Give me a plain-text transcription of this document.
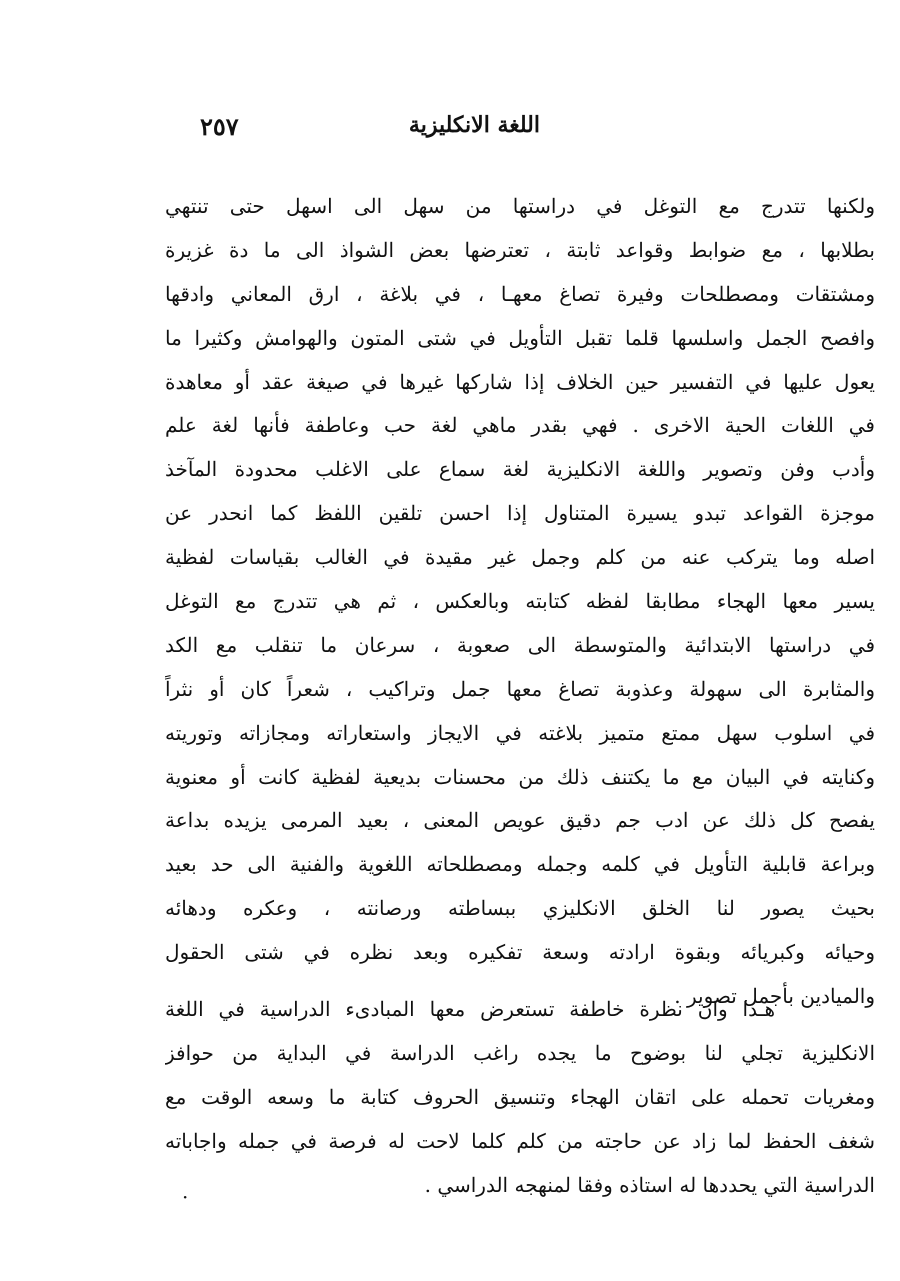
اللغة الانكليزية
٢٥٧
ولكنها تتدرج مع التوغل في دراستها من سهل الى اسهل حتى تنتهي
بطلابها ، مع ضوابط وقواعد ثابتة ، تعترضها بعض الشواذ الى ما دة غزيرة
ومشتقات ومصطلحات وفيرة تصاغ معهـا ، في بلاغة ، ارق المعاني وادقها
وافصح الجمل واسلسها قلما تقبل التأويل في شتى المتون والهوامش وكثيرا ما
يعول عليها في التفسير حين الخلاف إذا شاركها غيرها في صيغة عقد أو معاهدة
في اللغات الحية الاخرى . فهي بقدر ماهي لغة حب وعاطفة فأنها لغة علم
وأدب وفن وتصوير واللغة الانكليزية لغة سماع على الاغلب محدودة المآخذ
موجزة القواعد تبدو يسيرة المتناول إذا احسن تلقين اللفظ كما انحدر عن
اصله وما يتركب عنه من كلم وجمل غير مقيدة في الغالب بقياسات لفظية
يسير معها الهجاء مطابقا لفظه كتابته وبالعكس ، ثم هي تتدرج مع التوغل
في دراستها الابتدائية والمتوسطة الى صعوبة ، سرعان ما تنقلب مع الكد
والمثابرة الى سهولة وعذوبة تصاغ معها جمل وتراكيب ، شعراً كان أو نثراً
في اسلوب سهل ممتع متميز بلاغته في الايجاز واستعاراته ومجازاته وتوريته
وكنايته في البيان مع ما يكتنف ذلك من محسنات بديعية لفظية كانت أو معنوية
يفصح كل ذلك عن ادب جم دقيق عويص المعنى ، بعيد المرمى يزيده بداعة
وبراعة قابلية التأويل في كلمه وجمله ومصطلحاته اللغوية والفنية الى حد بعيد
بحيث يصور لنا الخلق الانكليزي ببساطته ورصانته ، وعكره ودهائه
وحيائه وكبريائه وبقوة ارادته وسعة تفكيره وبعد نظره في شتى الحقول
والميادين بأجمل تصوير .
هـذا وان نظرة خاطفة تستعرض معها المبادىء الدراسية في اللغة
الانكليزية تجلي لنا بوضوح ما يجده راغب الدراسة في البداية من حوافز
ومغريات تحمله على اتقان الهجاء وتنسيق الحروف كتابة ما وسعه الوقت مع
شغف الحفظ لما زاد عن حاجته من كلم كلما لاحت له فرصة في جمله واجاباته
الدراسية التي يحددها له استاذه وفقا لمنهجه الدراسي .
·
